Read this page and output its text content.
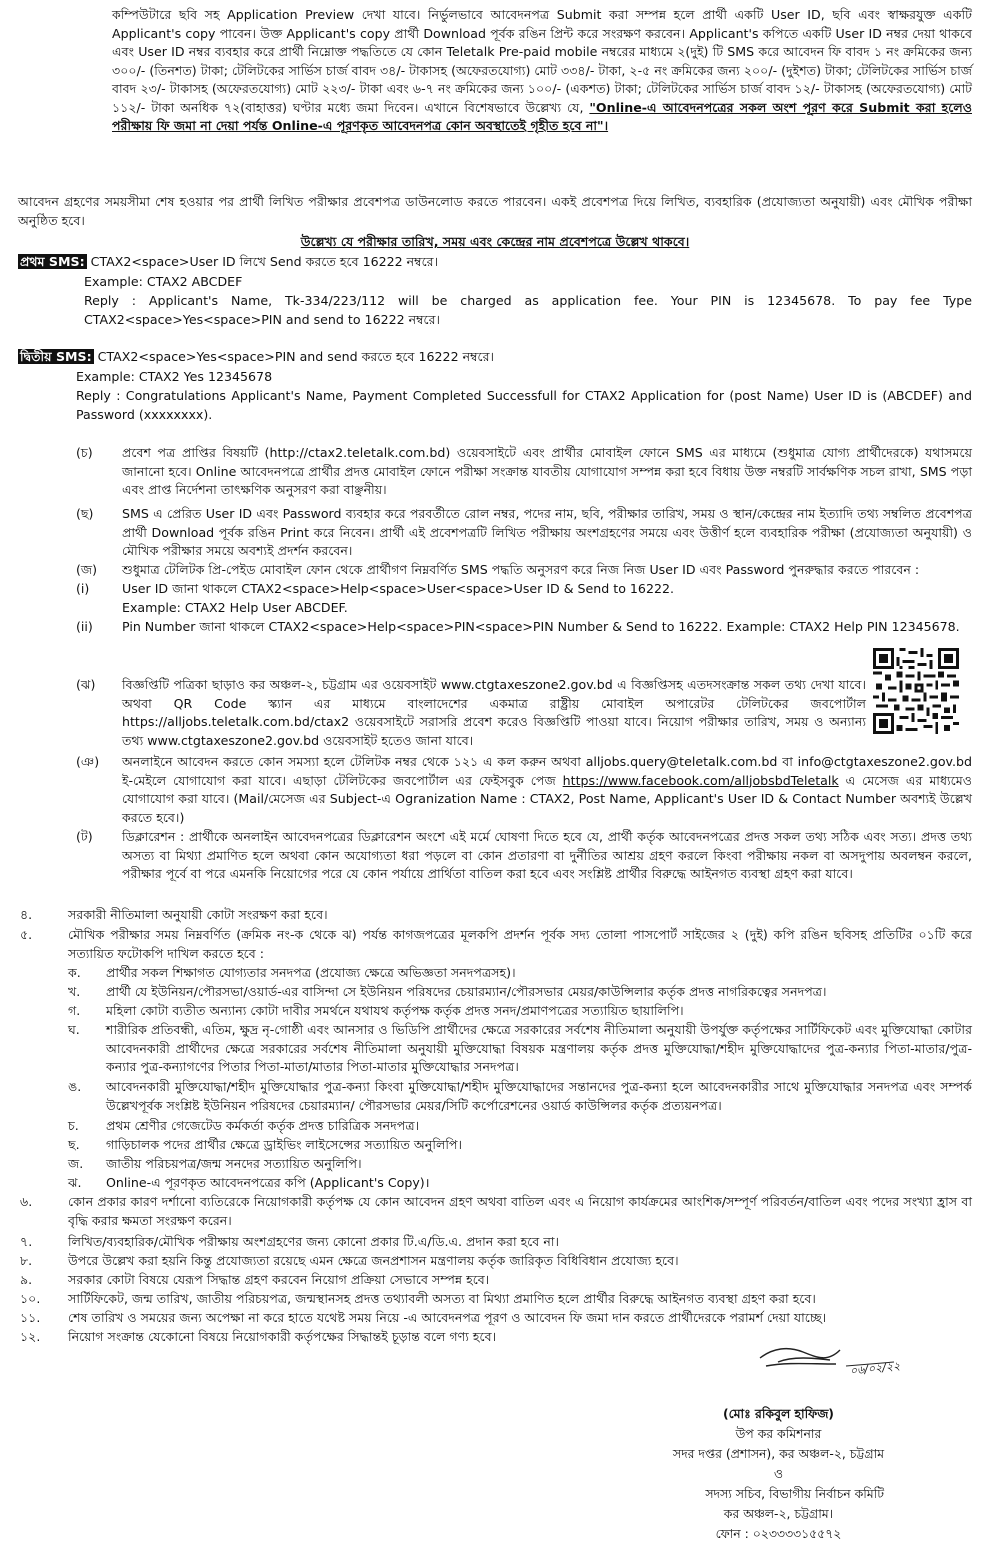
কম্পিউটারে ছবি সহ Application Preview দেখা যাবে। নির্ভুলভাবে আবেদনপত্র Submit করা সম্পন্ন হলে প্রার্থী একটি User ID, ছবি এবং স্বাক্ষরযুক্ত একটি Applicant's copy পাবেন। উক্ত Applicant's copy প্রার্থী Download পূর্বক রঙিন প্রিন্ট করে সংরক্ষণ করবেন। Applicant's কপিতে একটি User ID নম্বর দেয়া থাকবে এবং User ID নম্বর ব্যবহার করে প্রার্থী নিম্নোক্ত পদ্ধতিতে যে কোন Teletalk Pre-paid mobile নম্বরের মাধ্যমে ২(দুই) টি SMS করে আবেদন ফি বাবদ ১ নং ক্রমিকের জন্য ৩০০/- (তিনশত) টাকা; টেলিটকের সার্ভিস চার্জ বাবদ ৩৪/- টাকাসহ (অফেরতযোগ্য) মোট ৩৩৪/- টাকা, ২-৫ নং ক্রমিকের জন্য ২০০/- (দুইশত) টাকা; টেলিটকের সার্ভিস চার্জ বাবদ ২৩/- টাকাসহ (অফেরতযোগ্য) মোট ২২৩/- টাকা এবং ৬-৭ নং ক্রমিকের জন্য ১০০/- (একশত) টাকা; টেলিটকের সার্ভিস চার্জ বাবদ ১২/- টাকাসহ (অফেরতযোগ্য) মোট ১১২/- টাকা অনধিক ৭২(বাহাত্তর) ঘণ্টার মধ্যে জমা দিবেন। এখানে বিশেষভাবে উল্লেখ্য যে, "Online-এ আবেদনপত্রের সকল অংশ পূরণ করে Submit করা হলেও পরীক্ষায় ফি জমা না দেয়া পর্যন্ত Online-এ পূরণকৃত আবেদনপত্র কোন অবস্থাতেই গৃহীত হবে না"।

আবেদন গ্রহণের সময়সীমা শেষ হওয়ার পর প্রার্থী লিখিত পরীক্ষার প্রবেশপত্র ডাউনলোড করতে পারবেন। একই প্রবেশপত্র দিয়ে লিখিত, ব্যবহারিক (প্রযোজ্যতা অনুযায়ী) এবং মৌখিক পরীক্ষা অনুষ্ঠিত হবে।

উল্লেখ্য যে পরীক্ষার তারিখ, সময় এবং কেন্দ্রের নাম প্রবেশপত্রে উল্লেখ থাকবে।

প্রথম SMS: CTAX2<space>User ID লিখে Send করতে হবে 16222 নম্বরে।
Example: CTAX2 ABCDEF

Reply : Applicant's Name, Tk-334/223/112 will be charged as application fee. Your PIN is 12345678. To pay fee Type CTAX2<space>Yes<space>PIN and send to 16222 নম্বরে।

দ্বিতীয় SMS: CTAX2<space>Yes<space>PIN and send করতে হবে 16222 নম্বরে।
Example: CTAX2 Yes 12345678

Reply : Congratulations Applicant's Name, Payment Completed Successfull for CTAX2 Application for (post Name) User ID is (ABCDEF) and Password (xxxxxxxx).

(চ) প্রবেশ পত্র প্রাপ্তির বিষয়টি (http://ctax2.teletalk.com.bd) ওয়েবসাইটে এবং প্রার্থীর মোবাইল ফোনে SMS এর মাধ্যমে (শুধুমাত্র যোগ্য প্রার্থীদেরকে) যথাসময়ে জানানো হবে। Online আবেদনপত্রে প্রার্থীর প্রদত্ত মোবাইল ফোনে পরীক্ষা সংক্রান্ত যাবতীয় যোগাযোগ সম্পন্ন করা হবে বিধায় উক্ত নম্বরটি সার্বক্ষণিক সচল রাখা, SMS পড়া এবং প্রাপ্ত নির্দেশনা তাৎক্ষণিক অনুসরণ করা বাঞ্ছনীয়।

(ছ) SMS এ প্রেরিত User ID এবং Password ব্যবহার করে পরবর্তীতে রোল নম্বর, পদের নাম, ছবি, পরীক্ষার তারিখ, সময় ও স্থান/কেন্দ্রের নাম ইত্যাদি তথ্য সম্বলিত প্রবেশপত্র প্রার্থী Download পূর্বক রঙিন Print করে নিবেন। প্রার্থী এই প্রবেশপত্রটি লিখিত পরীক্ষায় অংশগ্রহণের সময়ে এবং উত্তীর্ণ হলে ব্যবহারিক পরীক্ষা (প্রযোজ্যতা অনুযায়ী) ও মৌখিক পরীক্ষার সময়ে অবশ্যই প্রদর্শন করবেন।

(জ) শুধুমাত্র টেলিটক প্রি-পেইড মোবাইল ফোন থেকে প্রার্থীগণ নিম্নবর্ণিত SMS পদ্ধতি অনুসরণ করে নিজ নিজ User ID এবং Password পুনরুদ্ধার করতে পারবেন :

(i)	User ID জানা থাকলে CTAX2<space>Help<space>User<space>User ID & Send to 16222.

Example: CTAX2 Help User ABCDEF.
(ii) Pin Number জানা থাকলে CTAX2<space>Help<space>PIN<space>PIN Number & Send to 16222. Example: CTAX2 Help PIN 12345678.

(ঝ) বিজ্ঞপ্তিটি পত্রিকা ছাড়াও কর অঞ্চল-২, চট্টগ্রাম এর ওয়েবসাইট www.ctgtaxeszone2.gov.bd এ বিজ্ঞপ্তিসহ এতদসংক্রান্ত সকল তথ্য দেখা যাবে। অথবা QR Code স্ক্যান এর মাধ্যমে বাংলাদেশের একমাত্র রাষ্ট্রীয় মোবাইল অপারেটর টেলিটকের জবপোর্টাল https://alljobs.teletalk.com.bd/ctax2 ওয়েবসাইটে সরাসরি প্রবেশ করেও বিজ্ঞপ্তিটি পাওয়া যাবে। নিয়োগ পরীক্ষার তারিখ, সময় ও অন্যান্য তথ্য www.ctgtaxeszone2.gov.bd ওয়েবসাইট হতেও জানা যাবে।

(ঞ) অনলাইনে আবেদন করতে কোন সমস্যা হলে টেলিটক নম্বর থেকে ১২১ এ কল করুন অথবা alljobs.query@teletalk.com.bd বা info@ctgtaxeszone2.gov.bd ই-মেইলে যোগাযোগ করা যাবে। এছাড়া টেলিটকের জবপোর্টাল এর ফেইসবুক পেজ https://www.facebook.com/alljobsbdTeletalk এ মেসেজ এর মাধ্যমেও যোগাযোগ করা যাবে। (Mail/মেসেজ এর Subject-এ Ogranization Name : CTAX2, Post Name, Applicant's User ID & Contact Number অবশ্যই উল্লেখ করতে হবে।)

(ট) ডিক্লারেশন : প্রার্থীকে অনলাইন আবেদনপত্রের ডিক্লারেশন অংশে এই মর্মে ঘোষণা দিতে হবে যে, প্রার্থী কর্তৃক আবেদনপত্রের প্রদত্ত সকল তথ্য সঠিক এবং সত্য। প্রদত্ত তথ্য অসত্য বা মিথ্যা প্রমাণিত হলে অথবা কোন অযোগ্যতা ধরা পড়লে বা কোন প্রতারণা বা দুর্নীতির আশ্রয় গ্রহণ করলে কিংবা পরীক্ষায় নকল বা অসদুপায় অবলম্বন করলে, পরীক্ষার পূর্বে বা পরে এমনকি নিয়োগের পরে যে কোন পর্যায়ে প্রার্থিতা বাতিল করা হবে এবং সংশ্লিষ্ট প্রার্থীর বিরুদ্ধে আইনগত ব্যবস্থা গ্রহণ করা যাবে।

৪.	সরকারী নীতিমালা অনুযায়ী কোটা সংরক্ষণ করা হবে।

৫.	মৌখিক পরীক্ষার সময় নিম্নবর্ণিত (ক্রমিক নং-ক থেকে ঝ) পর্যন্ত কাগজপত্রের মূলকপি প্রদর্শন পূর্বক সদ্য তোলা পাসপোর্ট সাইজের ২ (দুই) কপি রঙিন ছবিসহ প্রতিটির ০১টি করে সত্যায়িত ফটোকপি দাখিল করতে হবে :

ক. প্রার্থীর সকল শিক্ষাগত যোগ্যতার সনদপত্র (প্রযোজ্য ক্ষেত্রে অভিজ্ঞতা সনদপত্রসহ)।

খ. প্রার্থী যে ইউনিয়ন/পৌরসভা/ওয়ার্ড-এর বাসিন্দা সে ইউনিয়ন পরিষদের চেয়ারম্যান/পৌরসভার মেয়র/কাউন্সিলার কর্তৃক প্রদত্ত নাগরিকত্বের সনদপত্র।

গ. মহিলা কোটা ব্যতীত অন্যান্য কোটা দাবীর সমর্থনে যথাযথ কর্তৃপক্ষ কর্তৃক প্রদত্ত সনদ/প্রমাণপত্রের সত্যায়িত ছায়ালিপি।

ঘ. শারীরিক প্রতিবন্ধী, এতিম, ক্ষুদ্র নৃ-গোষ্ঠী এবং আনসার ও ভিডিপি প্রার্থীদের ক্ষেত্রে সরকারের সর্বশেষ নীতিমালা অনুযায়ী উপর্যুক্ত কর্তৃপক্ষের সার্টিফিকেট এবং মুক্তিযোদ্ধা কোটার আবেদনকারী প্রার্থীদের ক্ষেত্রে সরকারের সর্বশেষ নীতিমালা অনুযায়ী মুক্তিযোদ্ধা বিষয়ক মন্ত্রণালয় কর্তৃক প্রদত্ত মুক্তিযোদ্ধা/শহীদ মুক্তিযোদ্ধাদের পুত্র-কন্যার পিতা-মাতার/পুত্র-কন্যার পুত্র-কন্যাগণের পিতার পিতা-মাতা/মাতার পিতা-মাতার মুক্তিযোদ্ধার সনদপত্র।

ঙ. আবেদনকারী মুক্তিযোদ্ধা/শহীদ মুক্তিযোদ্ধার পুত্র-কন্যা কিংবা মুক্তিযোদ্ধা/শহীদ মুক্তিযোদ্ধাদের সন্তানদের পুত্র-কন্যা হলে আবেদনকারীর সাথে মুক্তিযোদ্ধার সনদপত্র এবং সম্পর্ক উল্লেখপূর্বক সংশ্লিষ্ট ইউনিয়ন পরিষদের চেয়ারম্যান/ পৌরসভার মেয়র/সিটি কর্পোরেশনের ওয়ার্ড কাউন্সিলর কর্তৃক প্রত্যয়নপত্র।

চ. প্রথম শ্রেণীর গেজেটেড কর্মকর্তা কর্তৃক প্রদত্ত চারিত্রিক সনদপত্র।

ছ. গাড়িচালক পদের প্রার্থীর ক্ষেত্রে ড্রাইভিং লাইসেন্সের সত্যায়িত অনুলিপি।

জ. জাতীয় পরিচয়পত্র/জন্ম সনদের সত্যায়িত অনুলিপি।

ঝ. Online-এ পূরণকৃত আবেদনপত্রের কপি (Applicant's Copy)।

৬.	কোন প্রকার কারণ দর্শানো ব্যতিরেকে নিয়োগকারী কর্তৃপক্ষ যে কোন আবেদন গ্রহণ অথবা বাতিল এবং এ নিয়োগ কার্যক্রমের আংশিক/সম্পূর্ণ পরিবর্তন/বাতিল এবং পদের সংখ্যা হ্রাস বা বৃদ্ধি করার ক্ষমতা সংরক্ষণ করেন।

৭.	লিখিত/ব্যবহারিক/মৌখিক পরীক্ষায় অংশগ্রহণের জন্য কোনো প্রকার টি.এ/ডি.এ. প্রদান করা হবে না।

৮.	উপরে উল্লেখ করা হয়নি কিন্তু প্রযোজ্যতা রয়েছে এমন ক্ষেত্রে জনপ্রশাসন মন্ত্রণালয় কর্তৃক জারিকৃত বিধিবিধান প্রযোজ্য হবে।

৯.	সরকার কোটা বিষয়ে যেরূপ সিদ্ধান্ত গ্রহণ করবেন নিয়োগ প্রক্রিয়া সেভাবে সম্পন্ন হবে।

১০. সার্টিফিকেট, জন্ম তারিখ, জাতীয় পরিচয়পত্র, জন্মস্থানসহ প্রদত্ত তথ্যাবলী অসত্য বা মিথ্যা প্রমাণিত হলে প্রার্থীর বিরুদ্ধে আইনগত ব্যবস্থা গ্রহণ করা হবে।

১১. শেষ তারিখ ও সময়ের জন্য অপেক্ষা না করে হাতে যথেষ্ট সময় নিয়ে -এ আবেদনপত্র পূরণ ও আবেদন ফি জমা দান করতে প্রার্থীদেরকে পরামর্শ দেয়া যাচ্ছে।

১২. নিয়োগ সংক্রান্ত যেকোনো বিষয়ে নিয়োগকারী কর্তৃপক্ষের সিদ্ধান্তই চূড়ান্ত বলে গণ্য হবে।

০৬/০২/২২
(মোঃ রকিবুল হাফিজ)
উপ কর কমিশনার
সদর দপ্তর (প্রশাসন), কর অঞ্চল-২, চট্টগ্রাম
ও
সদস্য সচিব, বিভাগীয় নির্বাচন কমিটি
কর অঞ্চল-২, চট্টগ্রাম।
ফোন : ০২৩৩৩৩১৫৫৭২
